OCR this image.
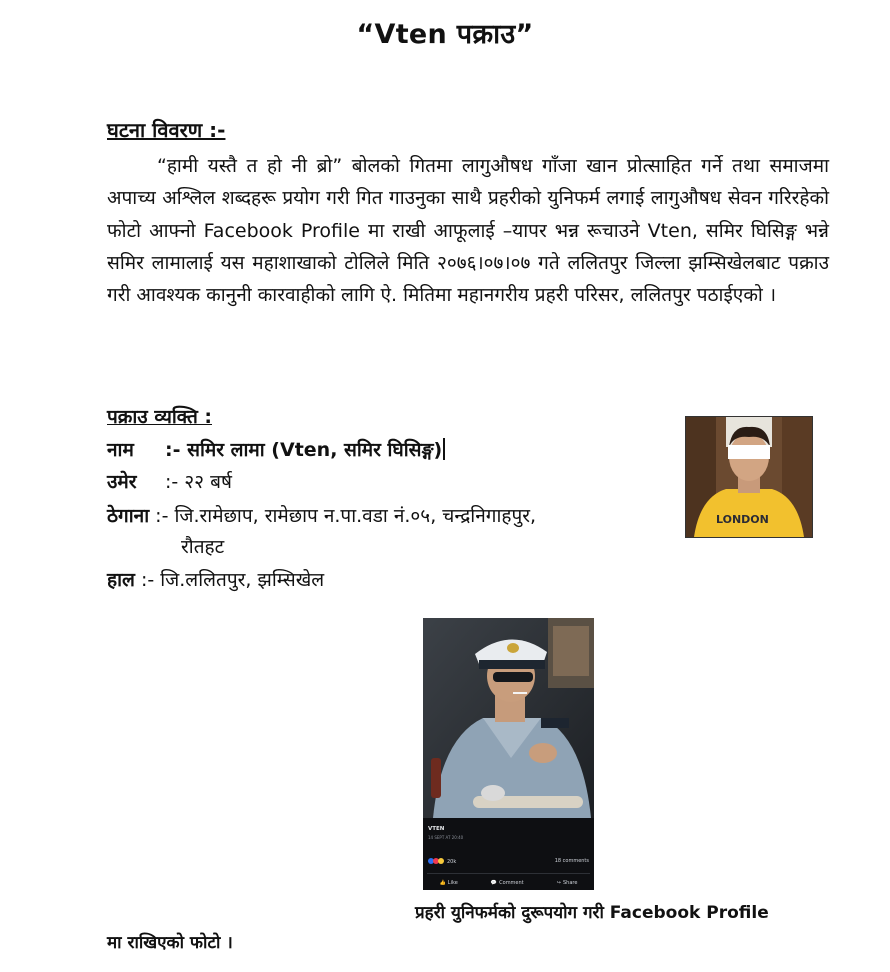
“Vten पक्राउ”
घटना विवरण :-
“हामी यस्तै त हो नी ब्रो” बोलको गितमा लागुऔषध गाँजा खान प्रोत्साहित गर्ने तथा समाजमा अपाच्य अश्लिल शब्दहरू प्रयोग गरी गित गाउनुका साथै प्रहरीको युनिफर्म लगाई लागुऔषध सेवन गरिरहेको फोटो आफ्नो Facebook Profile मा राखी आफूलाई –यापर भन्न रूचाउने Vten, समिर घिसिङ्ग भन्ने समिर लामालाई यस महाशाखाको टोलिले मिति २०७६।०७।०७ गते ललितपुर जिल्ला झम्सिखेलबाट पक्राउ गरी आवश्यक कानुनी कारवाहीको लागि ऐ. मितिमा महानगरीय प्रहरी परिसर, ललितपुर पठाईएको ।
पक्राउ व्यक्ति :
नाम :- समिर लामा (Vten, समिर घिसिङ्ग)
उमेर :- २२ बर्ष
ठेगाना :- जि.रामेछाप, रामेछाप न.पा.वडा नं.०५, चन्द्रनिगाहपुर,
रौतहट
हाल :- जि.ललितपुर, झम्सिखेल
LONDON
VTEN
14 SEPT AT 20:40
20k	18 comments
👍 Like	💬 Comment	↪ Share
प्रहरी युनिफर्मको दुरूपयोग गरी Facebook Profile
मा राखिएको फोटो ।
